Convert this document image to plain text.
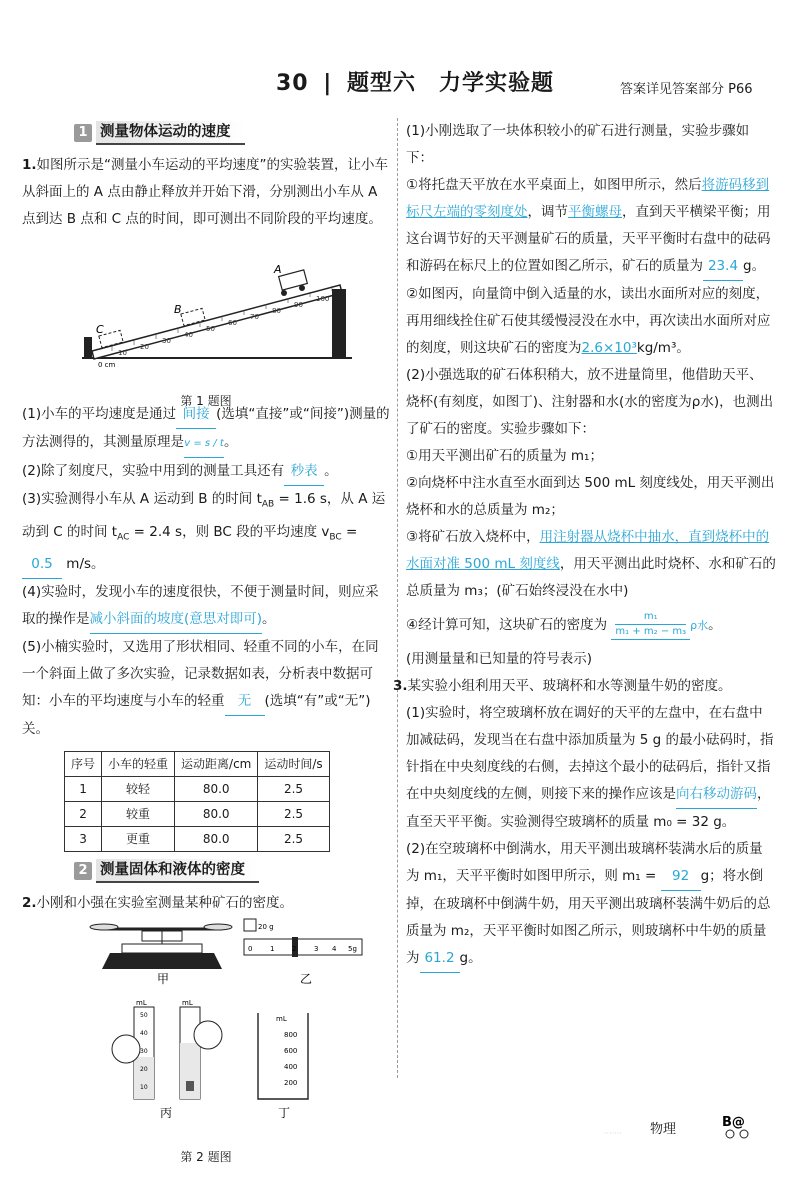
30 | 题型六　力学实验题	答案详见答案部分 P66
1 测量物体运动的速度

1.如图所示是“测量小车运动的平均速度”的实验装置，让小车从斜面上的 A 点由静止释放并开始下滑，分别测出小车从 A 点到达 B 点和 C 点的时间，即可测出不同阶段的平均速度。

0 cm
10
20
30
40
50
60
70
80
90
100
A
B
C
第 1 题图

(1)小车的平均速度是通过 间接 (选填“直接”或“间接”)测量的方法测得的，其测量原理是v = s / t。

(2)除了刻度尺，实验中用到的测量工具还有 秒表 。

(3)实验测得小车从 A 运动到 B 的时间 $t_{AB} = 1.6$ s，从 A 运动到 C 的时间 $t_{AC} = 2.4$ s，则 BC 段的平均速度 $v_{BC} = 0.5$ m/s。

(4)实验时，发现小车的速度很快，不便于测量时间，则应采取的操作是减小斜面的坡度(意思对即可)。

(5)小楠实验时，又选用了形状相同、轻重不同的小车，在同一个斜面上做了多次实验，记录数据如表，分析表中数据可知：小车的平均速度与小车的轻重 无 (选填“有”或“无”)关。

序号	小车的轻重	运动距离/cm	运动时间/s
1	较轻	80.0	2.5
2	较重	80.0	2.5
3	更重	80.0	2.5
2 测量固体和液体的密度

2.小刚和小强在实验室测量某种矿石的密度。

甲
20 g
0	1	2	3 4 5g
乙
mL	mL
50
40
30
20
10
丙
mL
800
600
400
200
丁
第 2 题图

(1)小刚选取了一块体积较小的矿石进行测量，实验步骤如下：

①将托盘天平放在水平桌面上，如图甲所示，然后将游码移到标尺左端的零刻度处，调节平衡螺母，直到天平横梁平衡；用这台调节好的天平测量矿石的质量，天平平衡时右盘中的砝码和游码在标尺上的位置如图乙所示，矿石的质量为 23.4 g。

②如图丙，向量筒中倒入适量的水，读出水面所对应的刻度，再用细线拴住矿石使其缓慢浸没在水中，再次读出水面所对应的刻度，则这块矿石的密度为2.6×10³kg/m³。

(2)小强选取的矿石体积稍大，放不进量筒里，他借助天平、烧杯(有刻度，如图丁)、注射器和水(水的密度为ρ水)，也测出了矿石的密度。实验步骤如下：

①用天平测出矿石的质量为 m₁；

②向烧杯中注水直至水面到达 500 mL 刻度线处，用天平测出烧杯和水的总质量为 m₂；

③将矿石放入烧杯中，用注射器从烧杯中抽水，直到烧杯中的水面对准 500 mL 刻度线，用天平测出此时烧杯、水和矿石的总质量为 m₃；(矿石始终浸没在水中)

④经计算可知，这块矿石的密度为 $\frac{\text{m₁}}{\text{m₁ + m₂ − m₃}}$ ρ水。

(用测量量和已知量的符号表示)

3.某实验小组利用天平、玻璃杯和水等测量牛奶的密度。

(1)实验时，将空玻璃杯放在调好的天平的左盘中，在右盘中加减砝码，发现当在右盘中添加质量为 5 g 的最小砝码时，指针指在中央刻度线的右侧，去掉这个最小的砝码后，指针又指在中央刻度线的左侧，则接下来的操作应该是向右移动游码，直至天平平衡。实验测得空玻璃杯的质量 m₀ = 32 g。

(2)在空玻璃杯中倒满水，用天平测出玻璃杯装满水后的质量为 m₁，天平平衡时如图甲所示，则 m₁ = 92 g；将水倒掉，在玻璃杯中倒满牛奶，用天平测出玻璃杯装满牛奶后的总质量为 m₂，天平平衡时如图乙所示，则玻璃杯中牛奶的质量为 61.2 g。

·······	物理	B@
